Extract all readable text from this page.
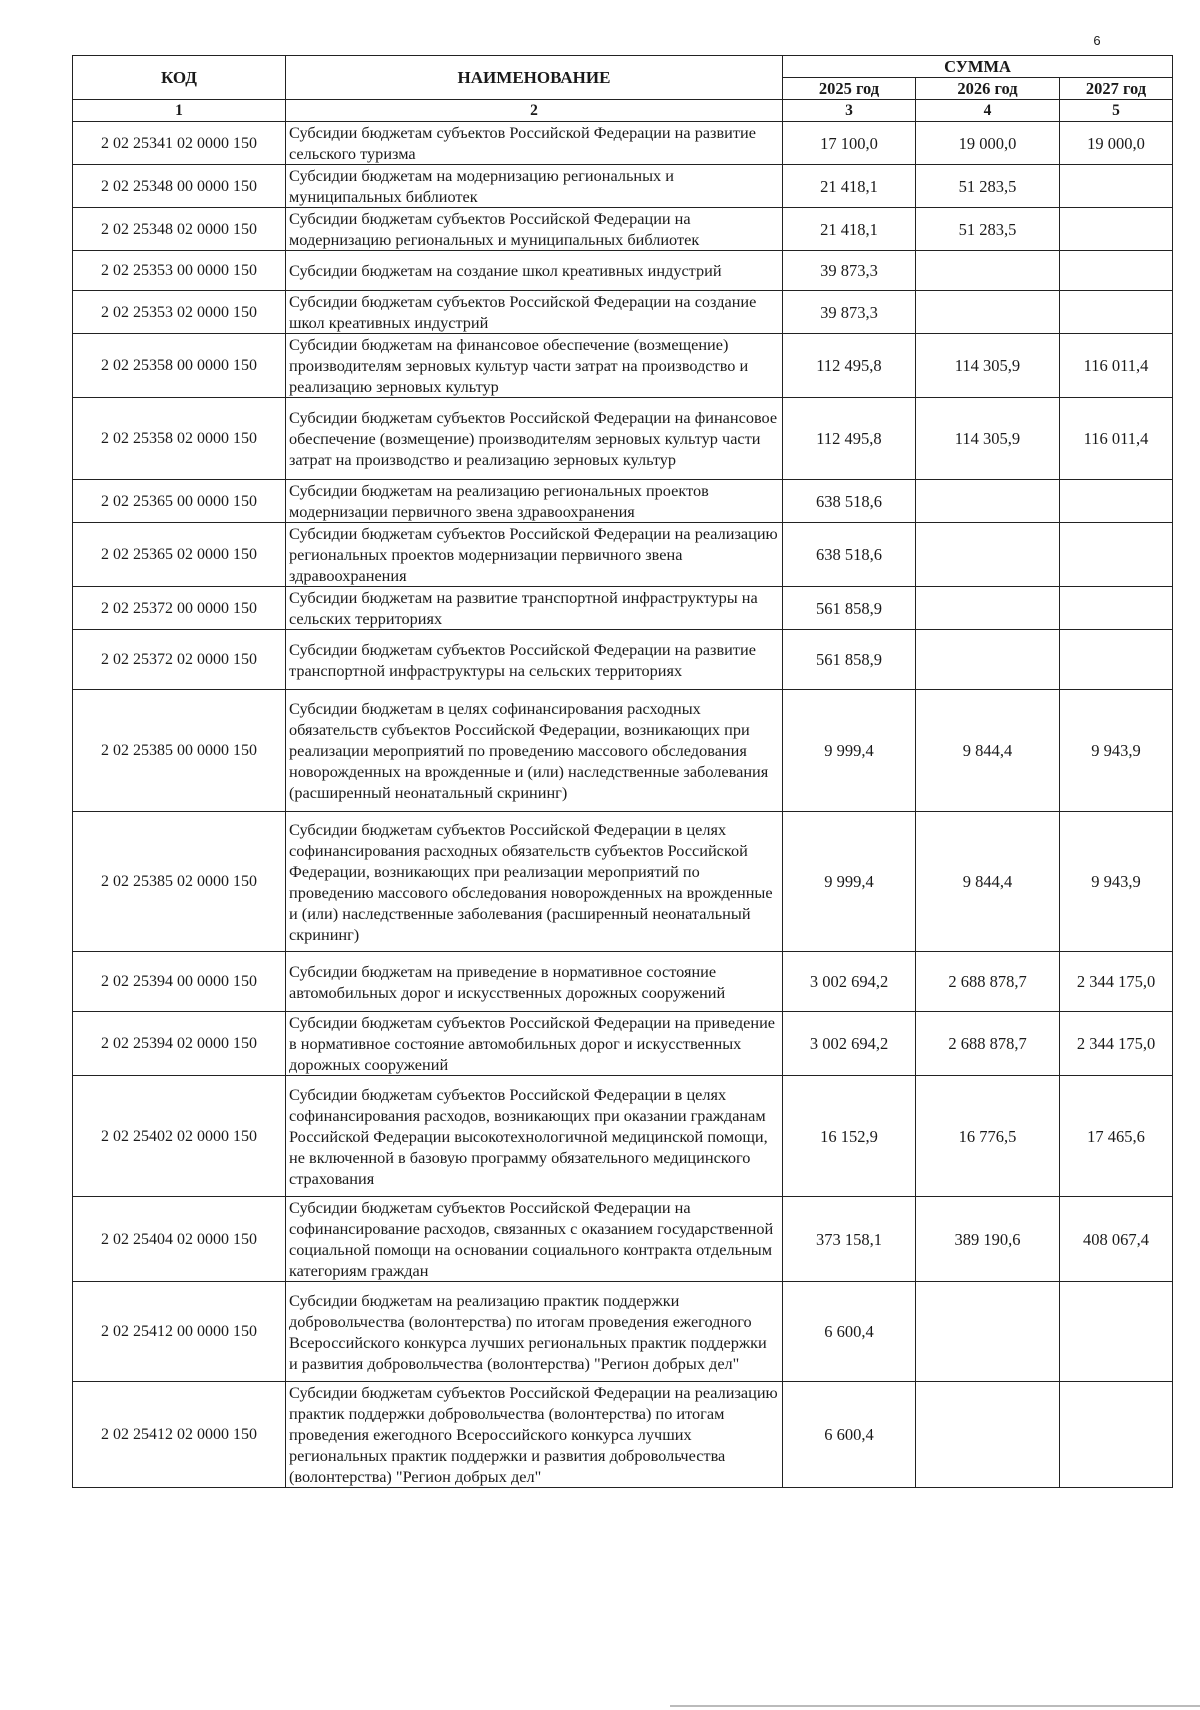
6
КОД	НАИМЕНОВАНИЕ	СУММА		
		2025 год	2026 год	2027 год
1	2	3	4	5
2 02 25341 02 0000 150	Субсидии бюджетам субъектов Российской Федерации на развитие сельского туризма	17 100,0	19 000,0	19 000,0
2 02 25348 00 0000 150	Субсидии бюджетам на модернизацию региональных и муниципальных библиотек	21 418,1	51 283,5	
2 02 25348 02 0000 150	Субсидии бюджетам субъектов Российской Федерации на модернизацию региональных и муниципальных библиотек	21 418,1	51 283,5	
2 02 25353 00 0000 150	Субсидии бюджетам на создание школ креативных индустрий	39 873,3		
2 02 25353 02 0000 150	Субсидии бюджетам субъектов Российской Федерации на создание школ креативных индустрий	39 873,3		
2 02 25358 00 0000 150	Субсидии бюджетам на финансовое обеспечение (возмещение) производителям зерновых культур части затрат на производство и реализацию зерновых культур	112 495,8	114 305,9	116 011,4
2 02 25358 02 0000 150	Субсидии бюджетам субъектов Российской Федерации на финансовое обеспечение (возмещение) производителям зерновых культур части затрат на производство и реализацию зерновых культур	112 495,8	114 305,9	116 011,4
2 02 25365 00 0000 150	Субсидии бюджетам на реализацию региональных проектов модернизации первичного звена здравоохранения	638 518,6		
2 02 25365 02 0000 150	Субсидии бюджетам субъектов Российской Федерации на реализацию региональных проектов модернизации первичного звена здравоохранения	638 518,6		
2 02 25372 00 0000 150	Субсидии бюджетам на развитие транспортной инфраструктуры на сельских территориях	561 858,9		
2 02 25372 02 0000 150	Субсидии бюджетам субъектов Российской Федерации на развитие транспортной инфраструктуры на сельских территориях	561 858,9		
2 02 25385 00 0000 150	Субсидии бюджетам в целях софинансирования расходных обязательств субъектов Российской Федерации, возникающих при реализации мероприятий по проведению массового обследования новорожденных на врожденные и (или) наследственные заболевания (расширенный неонатальный скрининг)	9 999,4	9 844,4	9 943,9
2 02 25385 02 0000 150	Субсидии бюджетам субъектов Российской Федерации в целях софинансирования расходных обязательств субъектов Российской Федерации, возникающих при реализации мероприятий по проведению массового обследования новорожденных на врожденные и (или) наследственные заболевания (расширенный неонатальный скрининг)	9 999,4	9 844,4	9 943,9
2 02 25394 00 0000 150	Субсидии бюджетам на приведение в нормативное состояние автомобильных дорог и искусственных дорожных сооружений	3 002 694,2	2 688 878,7	2 344 175,0
2 02 25394 02 0000 150	Субсидии бюджетам субъектов Российской Федерации на приведение в нормативное состояние автомобильных дорог и искусственных дорожных сооружений	3 002 694,2	2 688 878,7	2 344 175,0
2 02 25402 02 0000 150	Субсидии бюджетам субъектов Российской Федерации в целях софинансирования расходов, возникающих при оказании гражданам Российской Федерации высокотехнологичной медицинской помощи, не включенной в базовую программу обязательного медицинского страхования	16 152,9	16 776,5	17 465,6
2 02 25404 02 0000 150	Субсидии бюджетам субъектов Российской Федерации на софинансирование расходов, связанных с оказанием государственной социальной помощи на основании социального контракта отдельным категориям граждан	373 158,1	389 190,6	408 067,4
2 02 25412 00 0000 150	Субсидии бюджетам на реализацию практик поддержки добровольчества (волонтерства) по итогам проведения ежегодного Всероссийского конкурса лучших региональных практик поддержки и развития добровольчества (волонтерства) "Регион добрых дел"	6 600,4		
2 02 25412 02 0000 150	Субсидии бюджетам субъектов Российской Федерации на реализацию практик поддержки добровольчества (волонтерства) по итогам проведения ежегодного Всероссийского конкурса лучших региональных практик поддержки и развития добровольчества (волонтерства) "Регион добрых дел"	6 600,4		
